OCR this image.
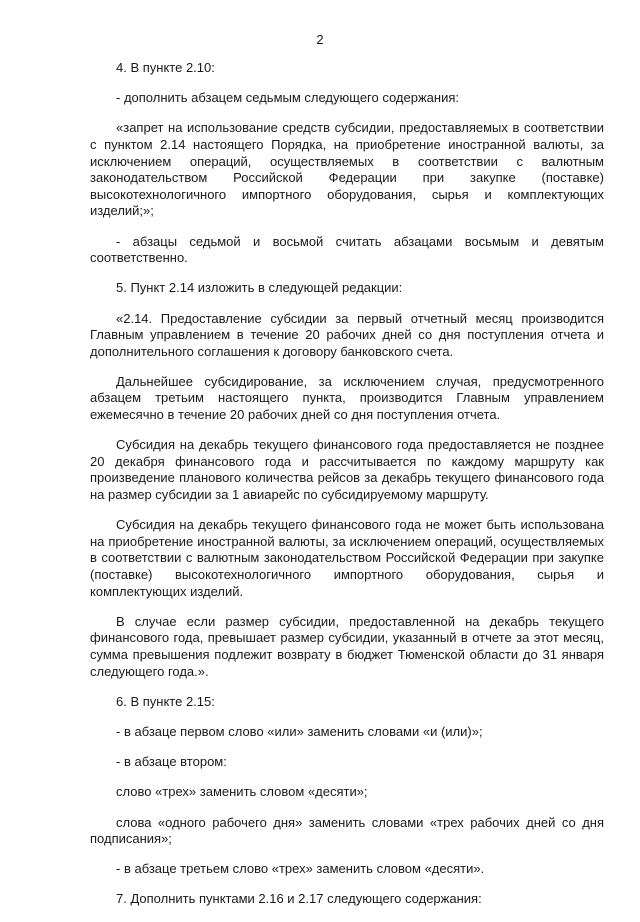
2

4. В пункте 2.10:

- дополнить абзацем седьмым следующего содержания:

«запрет на использование средств субсидии, предоставляемых в соответствии с пунктом 2.14 настоящего Порядка, на приобретение иностранной валюты, за исключением операций, осуществляемых в соответствии с валютным законодательством Российской Федерации при закупке (поставке) высокотехнологичного импортного оборудования, сырья и комплектующих изделий;»;

- абзацы седьмой и восьмой считать абзацами восьмым и девятым соответственно.

5. Пункт 2.14 изложить в следующей редакции:

«2.14. Предоставление субсидии за первый отчетный месяц производится Главным управлением в течение 20 рабочих дней со дня поступления отчета и дополнительного соглашения к договору банковского счета.

Дальнейшее субсидирование, за исключением случая, предусмотренного абзацем третьим настоящего пункта, производится Главным управлением ежемесячно в течение 20 рабочих дней со дня поступления отчета.

Субсидия на декабрь текущего финансового года предоставляется не позднее 20 декабря финансового года и рассчитывается по каждому маршруту как произведение планового количества рейсов за декабрь текущего финансового года на размер субсидии за 1 авиарейс по субсидируемому маршруту.

Субсидия на декабрь текущего финансового года не может быть использована на приобретение иностранной валюты, за исключением операций, осуществляемых в соответствии с валютным законодательством Российской Федерации при закупке (поставке) высокотехнологичного импортного оборудования, сырья и комплектующих изделий.

В случае если размер субсидии, предоставленной на декабрь текущего финансового года, превышает размер субсидии, указанный в отчете за этот месяц, сумма превышения подлежит возврату в бюджет Тюменской области до 31 января следующего года.».

6. В пункте 2.15:

- в абзаце первом слово «или» заменить словами «и (или)»;

- в абзаце втором:

слово «трех» заменить словом «десяти»;

слова «одного рабочего дня» заменить словами «трех рабочих дней со дня подписания»;

- в абзаце третьем слово «трех» заменить словом «десяти».

7. Дополнить пунктами 2.16 и 2.17 следующего содержания:
